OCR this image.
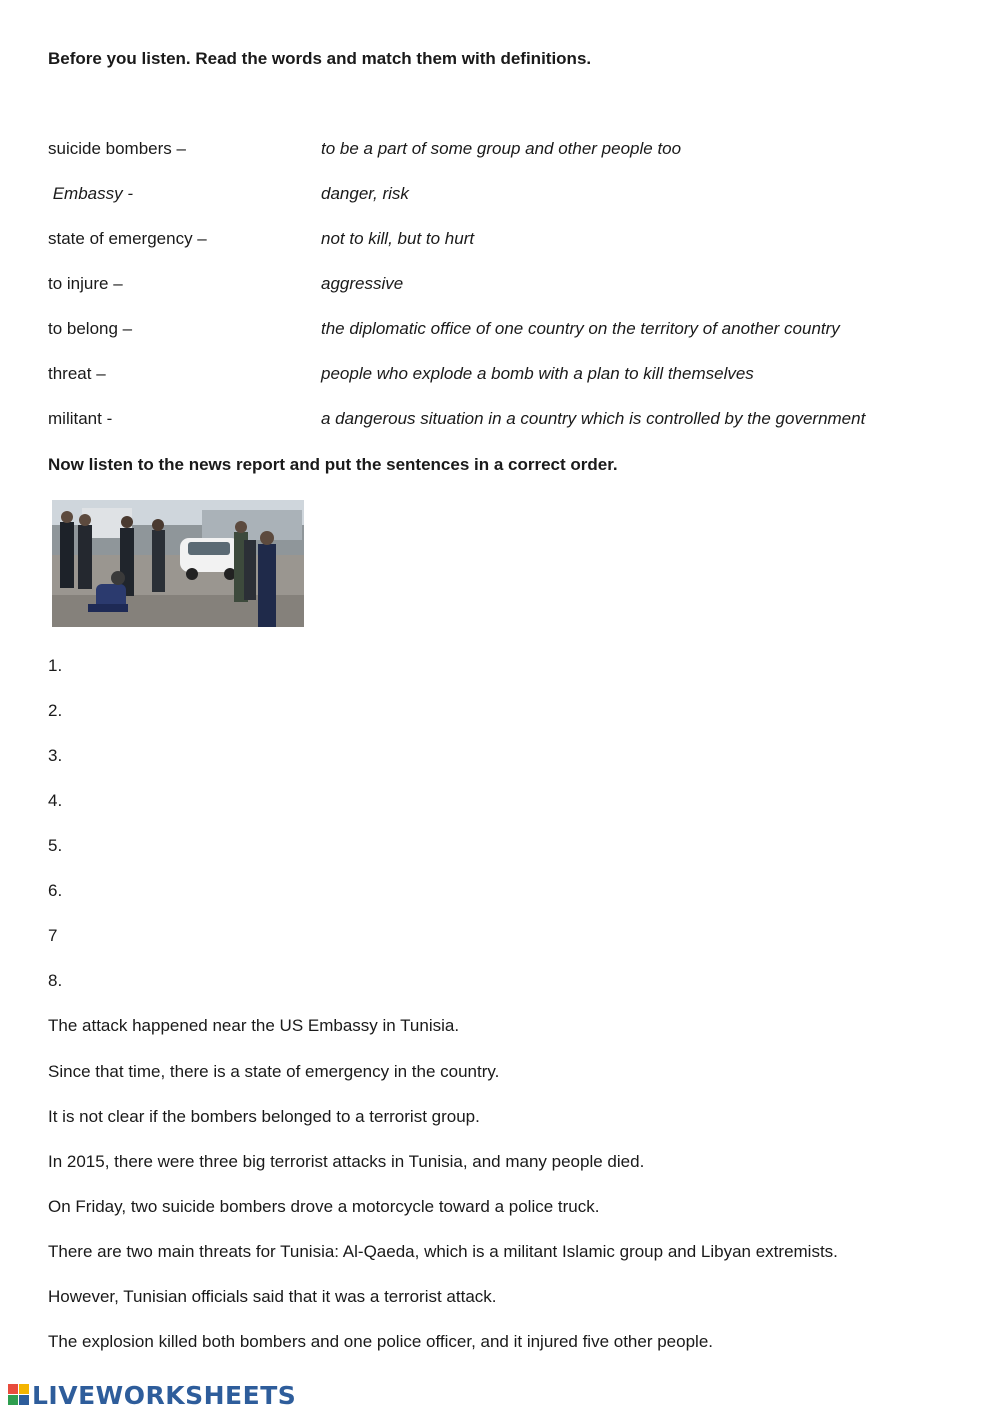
Before you listen. Read the words and match them with definitions.
suicide bombers –
Embassy -
state of emergency –
to injure –
to belong –
threat –
militant -
to be a part of some group and other people too
danger, risk
not to kill, but to hurt
aggressive
the diplomatic office of one country on the territory of another country
people who explode a bomb with a plan to kill themselves
a dangerous situation in a country which is controlled by the government
Now listen to the news report and put the sentences in a correct order.
1.
2.
3.
4.
5.
6.
7
8.
The attack happened near the US Embassy in Tunisia.
Since that time, there is a state of emergency in the country.
It is not clear if the bombers belonged to a terrorist group.
In 2015, there were three big terrorist attacks in Tunisia, and many people died.
On Friday, two suicide bombers drove a motorcycle toward a police truck.
There are two main threats for Tunisia: Al-Qaeda, which is a militant Islamic group and Libyan extremists.
However, Tunisian officials said that it was a terrorist attack.
The explosion killed both bombers and one police officer, and it injured five other people.
LIVEWORKSHEETS
